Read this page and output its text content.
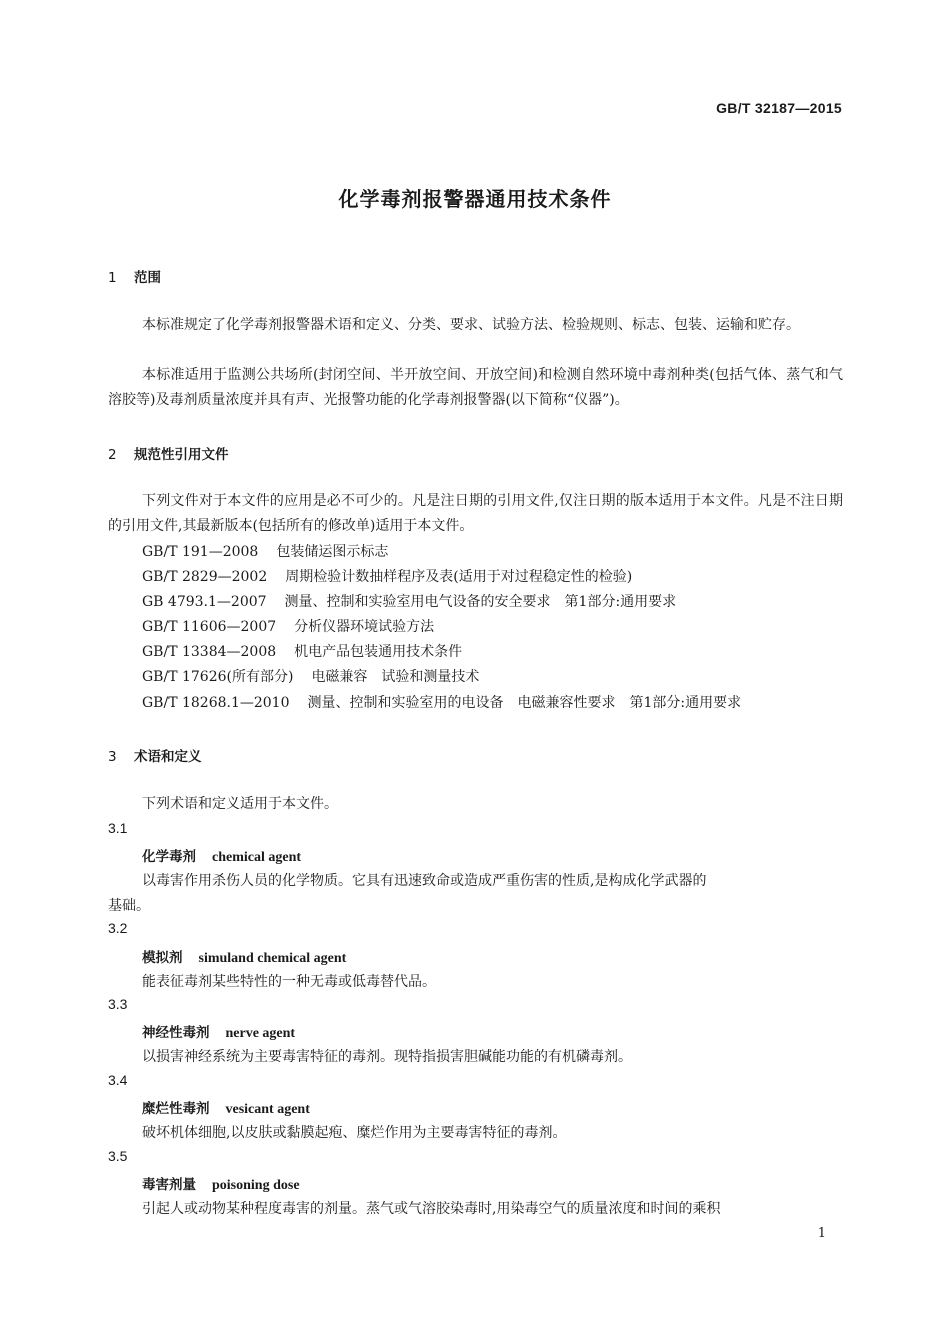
GB/T 32187—2015
化学毒剂报警器通用技术条件
1 范围
本标准规定了化学毒剂报警器术语和定义、分类、要求、试验方法、检验规则、标志、包装、运输和贮存。
本标准适用于监测公共场所(封闭空间、半开放空间、开放空间)和检测自然环境中毒剂种类(包括气体、蒸气和气溶胶等)及毒剂质量浓度并具有声、光报警功能的化学毒剂报警器(以下简称“仪器”)。
2 规范性引用文件
下列文件对于本文件的应用是必不可少的。凡是注日期的引用文件,仅注日期的版本适用于本文件。凡是不注日期的引用文件,其最新版本(包括所有的修改单)适用于本文件。
GB/T 191—2008 包装储运图示标志
GB/T 2829—2002 周期检验计数抽样程序及表(适用于对过程稳定性的检验)
GB 4793.1—2007 测量、控制和实验室用电气设备的安全要求　第1部分:通用要求
GB/T 11606—2007 分析仪器环境试验方法
GB/T 13384—2008 机电产品包装通用技术条件
GB/T 17626(所有部分) 电磁兼容　试验和测量技术
GB/T 18268.1—2010 测量、控制和实验室用的电设备　电磁兼容性要求　第1部分:通用要求
3 术语和定义
下列术语和定义适用于本文件。
3.1
化学毒剂 chemical agent
以毒害作用杀伤人员的化学物质。它具有迅速致命或造成严重伤害的性质,是构成化学武器的
基础。
3.2
模拟剂 simuland chemical agent
能表征毒剂某些特性的一种无毒或低毒替代品。
3.3
神经性毒剂 nerve agent
以损害神经系统为主要毒害特征的毒剂。现特指损害胆碱能功能的有机磷毒剂。
3.4
糜烂性毒剂 vesicant agent
破坏机体细胞,以皮肤或黏膜起疱、糜烂作用为主要毒害特征的毒剂。
3.5
毒害剂量 poisoning dose
引起人或动物某种程度毒害的剂量。蒸气或气溶胶染毒时,用染毒空气的质量浓度和时间的乘积
1
